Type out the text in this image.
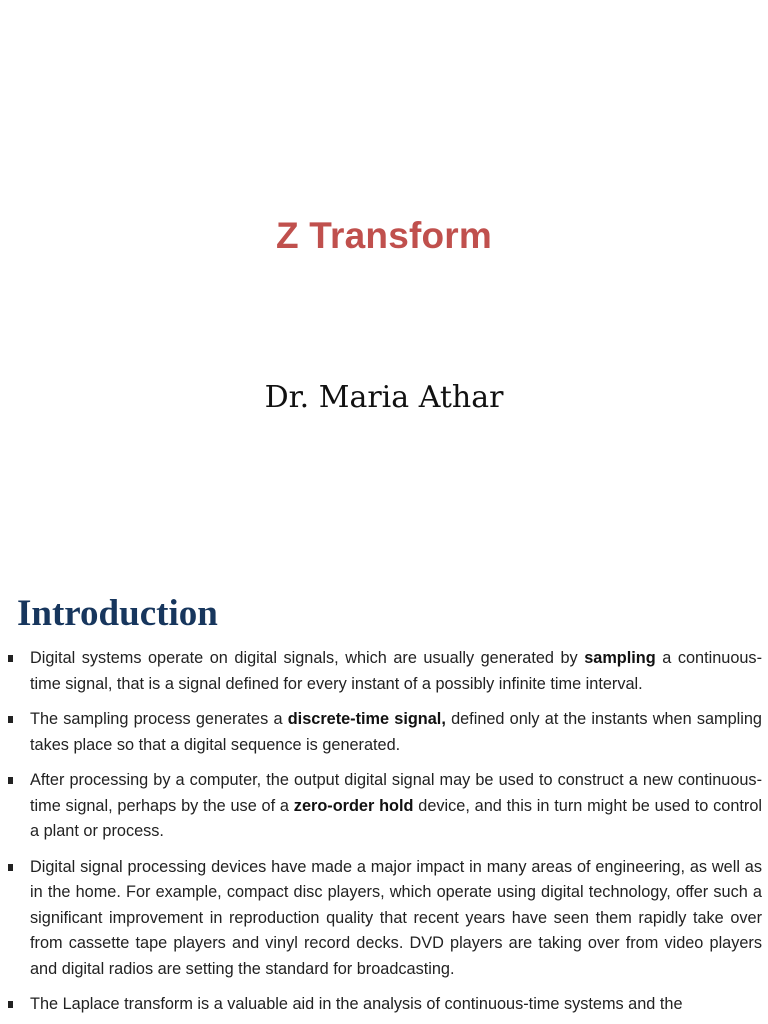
Z Transform
Dr. Maria Athar
Introduction
Digital systems operate on digital signals, which are usually generated by sampling a continuous-time signal, that is a signal defined for every instant of a possibly infinite time interval.
The sampling process generates a discrete-time signal, defined only at the instants when sampling takes place so that a digital sequence is generated.
After processing by a computer, the output digital signal may be used to construct a new continuous-time signal, perhaps by the use of a zero-order hold device, and this in turn might be used to control a plant or process.
Digital signal processing devices have made a major impact in many areas of engineering, as well as in the home. For example, compact disc players, which operate using digital technology, offer such a significant improvement in reproduction quality that recent years have seen them rapidly take over from cassette tape players and vinyl record decks. DVD players are taking over from video players and digital radios are setting the standard for broadcasting.
The Laplace transform is a valuable aid in the analysis of continuous-time systems and the
